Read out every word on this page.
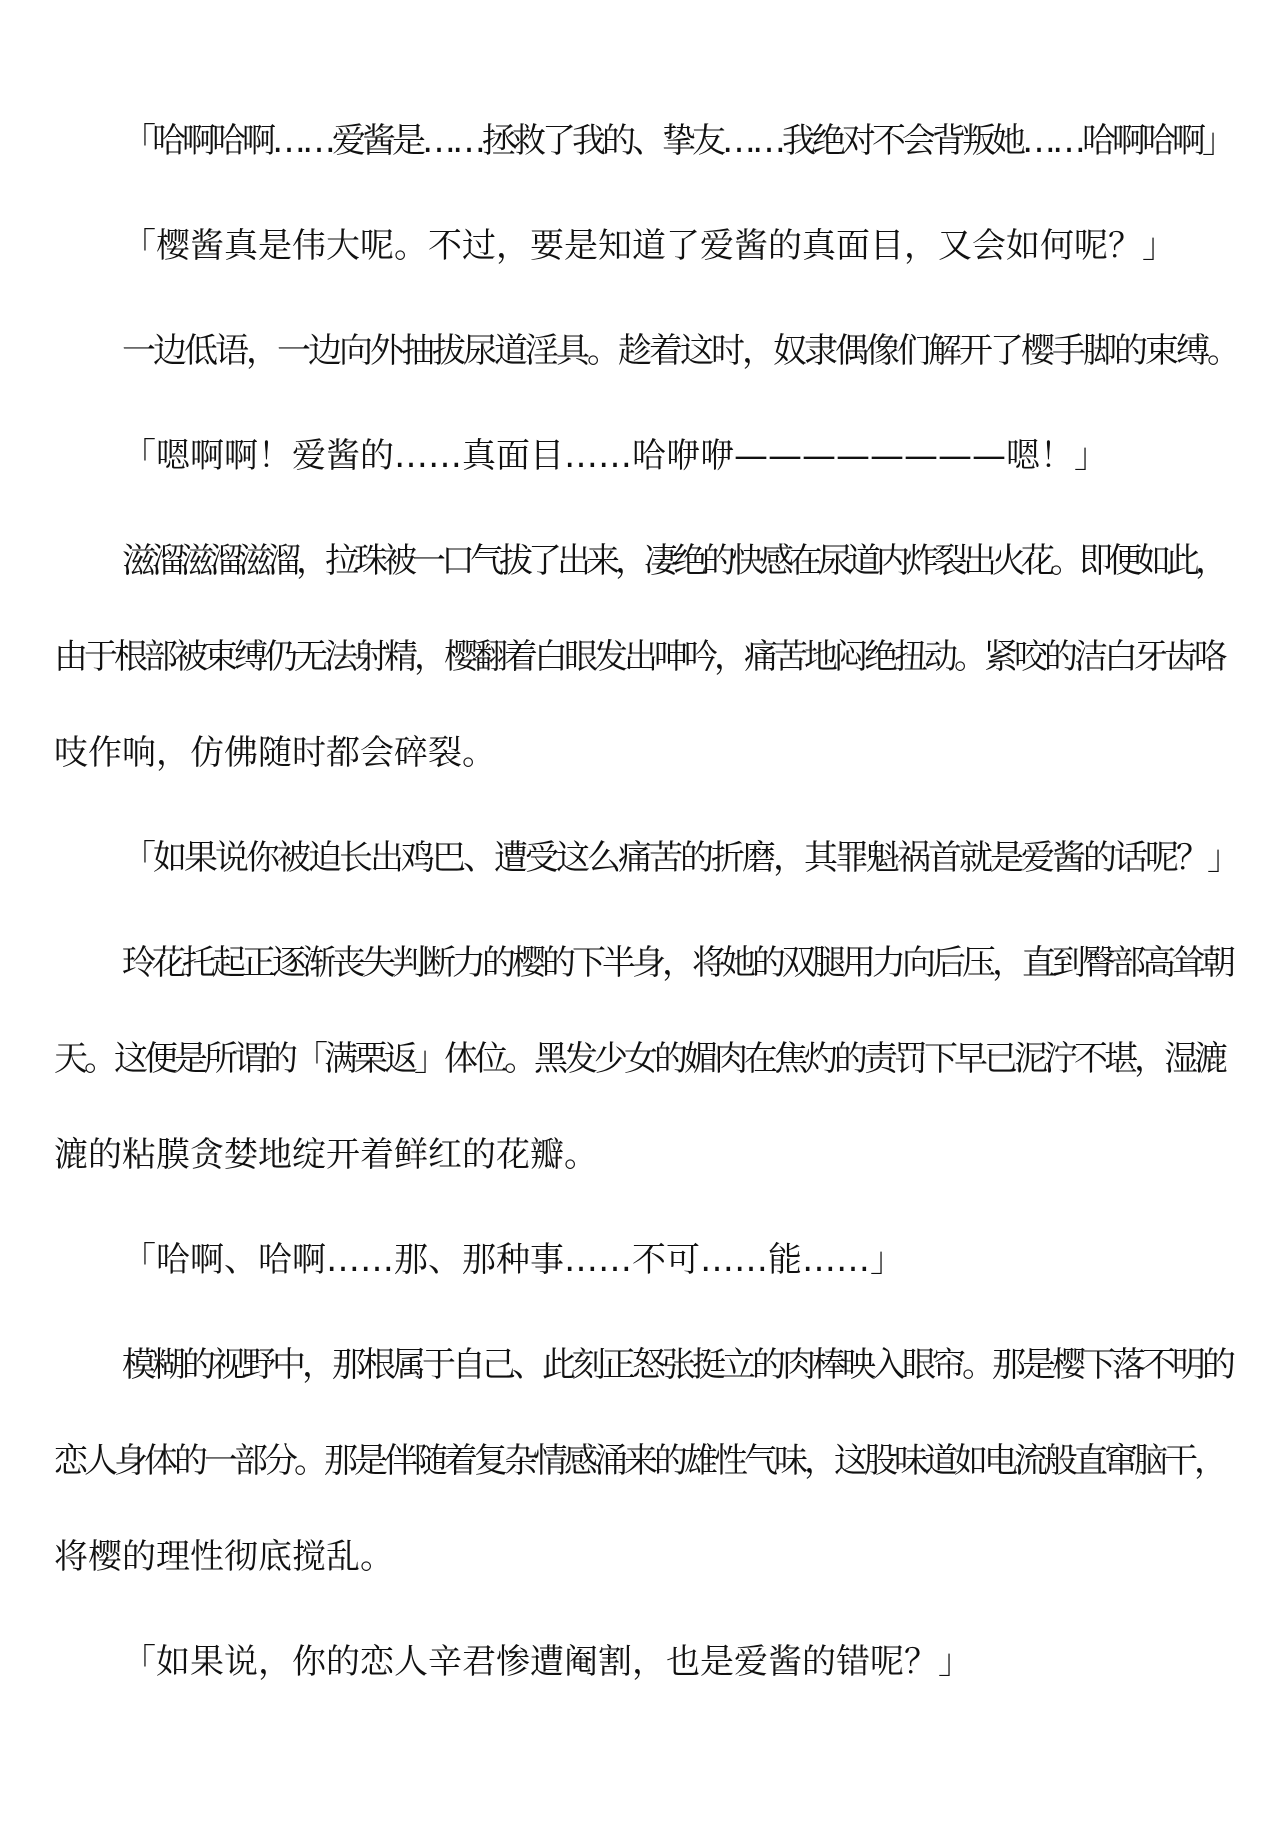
「哈啊哈啊……爱酱是……拯救了我的、挚友……我绝对不会背叛她……哈啊哈啊」
「樱酱真是伟大呢。不过，要是知道了爱酱的真面目，又会如何呢？」
一边低语，一边向外抽拔尿道淫具。趁着这时，奴隶偶像们解开了樱手脚的束缚。
「嗯啊啊！爱酱的……真面目……哈咿咿————————嗯！」
滋溜滋溜滋溜，拉珠被一口气拔了出来，凄绝的快感在尿道内炸裂出火花。即便如此，
由于根部被束缚仍无法射精，樱翻着白眼发出呻吟，痛苦地闷绝扭动。紧咬的洁白牙齿咯
吱作响，仿佛随时都会碎裂。
「如果说你被迫长出鸡巴、遭受这么痛苦的折磨，其罪魁祸首就是爱酱的话呢？」
玲花托起正逐渐丧失判断力的樱的下半身，将她的双腿用力向后压，直到臀部高耸朝
天。这便是所谓的「满栗返」体位。黑发少女的媚肉在焦灼的责罚下早已泥泞不堪，湿漉
漉的粘膜贪婪地绽开着鲜红的花瓣。
「哈啊、哈啊……那、那种事……不可……能……」
模糊的视野中，那根属于自己、此刻正怒张挺立的肉棒映入眼帘。那是樱下落不明的
恋人身体的一部分。那是伴随着复杂情感涌来的雄性气味，这股味道如电流般直窜脑干，
将樱的理性彻底搅乱。
「如果说，你的恋人辛君惨遭阉割，也是爱酱的错呢？」
